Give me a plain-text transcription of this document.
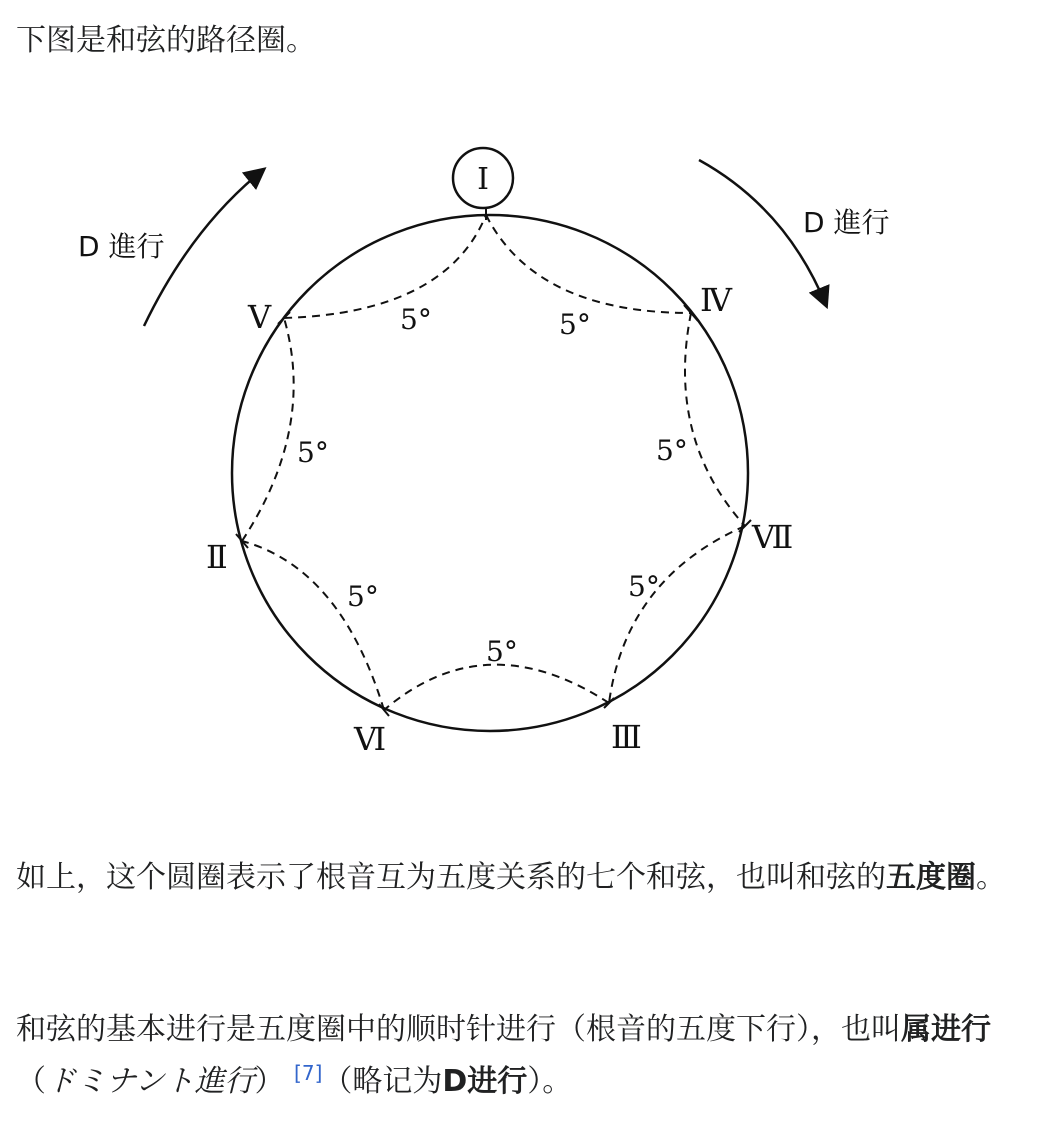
下图是和弦的路径圈。

I
Ⅳ
Ⅶ
Ⅲ
Ⅵ
Ⅱ
Ⅴ	5°	5°
5°
5°
5°
5°
5°
D 進行
D 進行

如上，这个圆圈表示了根音互为五度关系的七个和弦，也叫和弦的五度圈。

和弦的基本进行是五度圈中的顺时针进行（根音的五度下行），也叫属进行（ドミナント進行） [7]（略记为D进行）。
